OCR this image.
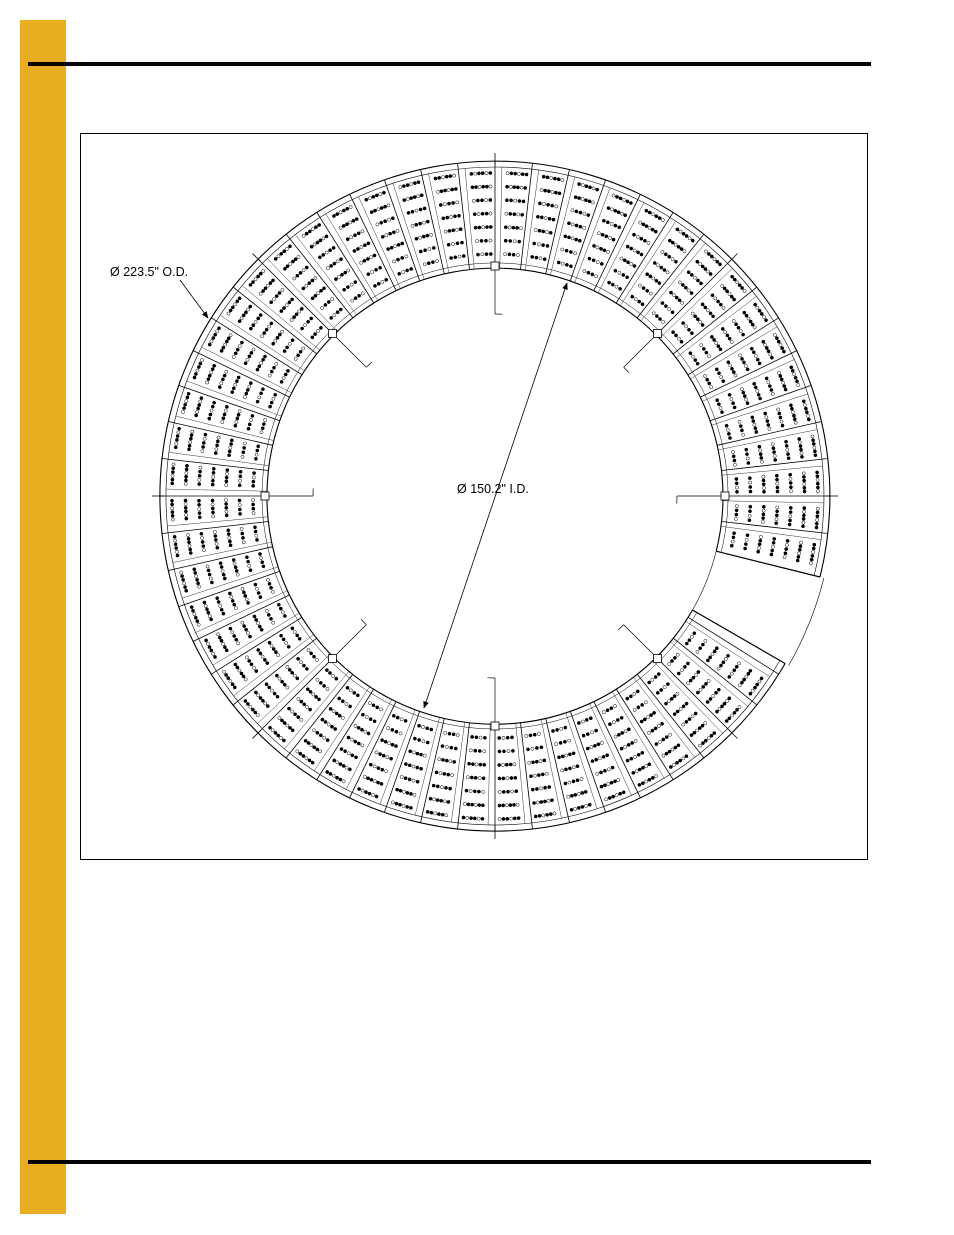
Ø 223.5" O.D.
Ø 150.2" I.D.
